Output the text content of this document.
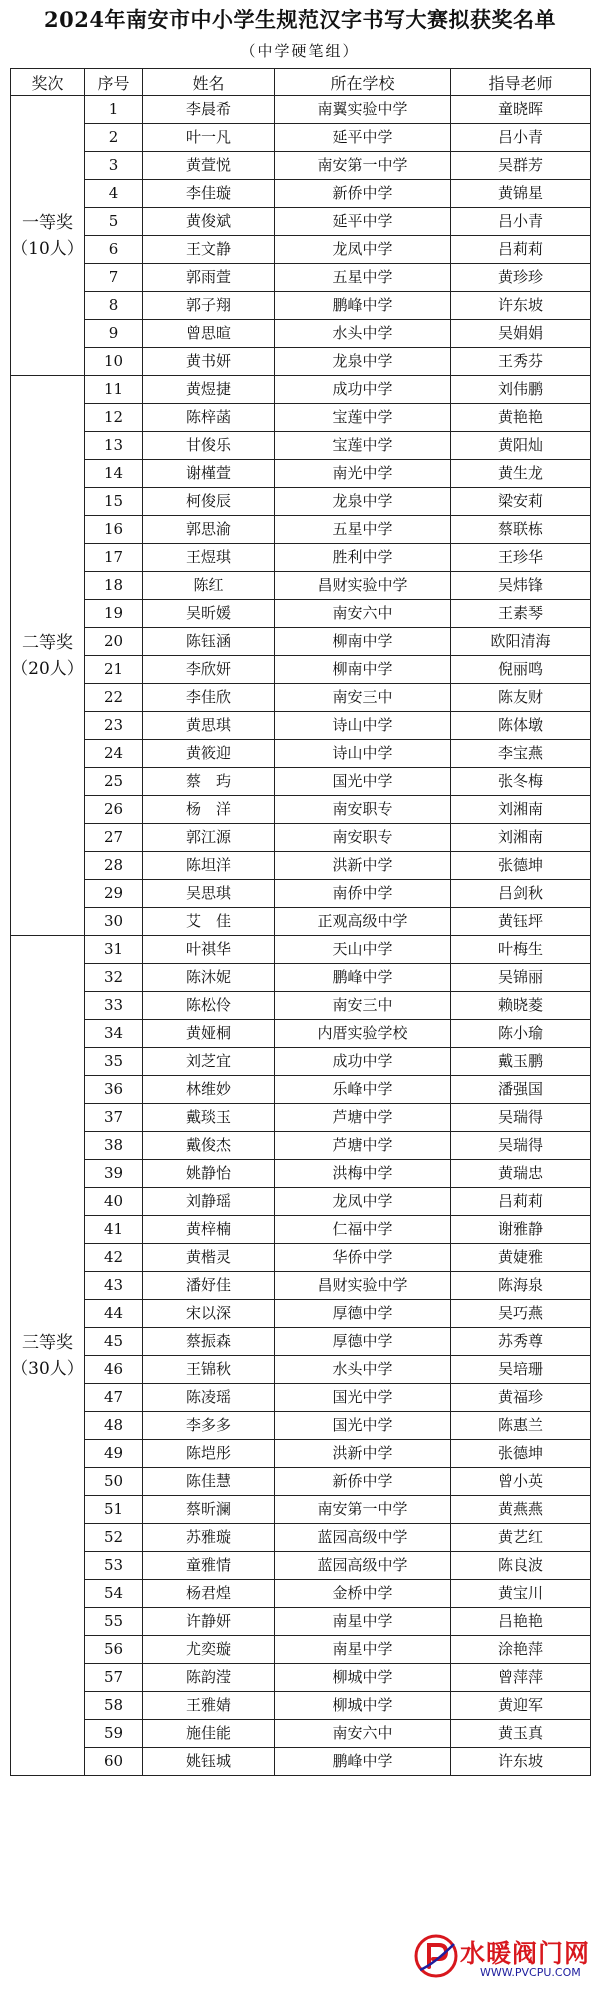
2024年南安市中小学生规范汉字书写大赛拟获奖名单
（中学硬笔组）
奖次	序号	姓名	所在学校	指导老师

一等奖
（10人）	1	李晨希	南翼实验中学	童晓晖
	2	叶一凡	延平中学	吕小青
	3	黄萱悦	南安第一中学	吴群芳
	4	李佳璇	新侨中学	黄锦星
	5	黄俊斌	延平中学	吕小青
	6	王文静	龙凤中学	吕莉莉
	7	郭雨萱	五星中学	黄珍珍
	8	郭子翔	鹏峰中学	许东坡
	9	曾思暄	水头中学	吴娟娟
	10	黄书妍	龙泉中学	王秀芬

二等奖
（20人）	11	黄煜捷	成功中学	刘伟鹏
	12	陈梓菡	宝莲中学	黄艳艳
	13	甘俊乐	宝莲中学	黄阳灿
	14	谢槿萱	南光中学	黄生龙
	15	柯俊辰	龙泉中学	梁安莉
	16	郭思渝	五星中学	蔡联栋
	17	王煜琪	胜利中学	王珍华
	18	陈红	昌财实验中学	吴炜锋
	19	吴昕媛	南安六中	王素琴
	20	陈钰涵	柳南中学	欧阳清海
	21	李欣妍	柳南中学	倪丽鸣
	22	李佳欣	南安三中	陈友财
	23	黄思琪	诗山中学	陈体墩
	24	黄筱迎	诗山中学	李宝燕
	25	蔡　玙	国光中学	张冬梅
	26	杨　洋	南安职专	刘湘南
	27	郭江源	南安职专	刘湘南
	28	陈坦洋	洪新中学	张德坤
	29	吴思琪	南侨中学	吕剑秋
	30	艾　佳	正观高级中学	黄钰坪

三等奖
（30人）	31	叶祺华	天山中学	叶梅生
	32	陈沐妮	鹏峰中学	吴锦丽
	33	陈松伶	南安三中	赖晓菱
	34	黄娅桐	内厝实验学校	陈小瑜
	35	刘芝宜	成功中学	戴玉鹏
	36	林维妙	乐峰中学	潘强国
	37	戴琰玉	芦塘中学	吴瑞得
	38	戴俊杰	芦塘中学	吴瑞得
	39	姚静怡	洪梅中学	黄瑞忠
	40	刘静瑶	龙凤中学	吕莉莉
	41	黄梓楠	仁福中学	谢雅静
	42	黄楷灵	华侨中学	黄婕雅
	43	潘妤佳	昌财实验中学	陈海泉
	44	宋以深	厚德中学	吴巧燕
	45	蔡振森	厚德中学	苏秀尊
	46	王锦秋	水头中学	吴培珊
	47	陈凌瑶	国光中学	黄福珍
	48	李多多	国光中学	陈惠兰
	49	陈垲彤	洪新中学	张德坤
	50	陈佳慧	新侨中学	曾小英
	51	蔡昕澜	南安第一中学	黄燕燕
	52	苏雅璇	蓝园高级中学	黄艺红
	53	童雅情	蓝园高级中学	陈良波
	54	杨君煌	金桥中学	黄宝川
	55	许静妍	南星中学	吕艳艳
	56	尤奕璇	南星中学	涂艳萍
	57	陈韵滢	柳城中学	曾萍萍
	58	王雅婧	柳城中学	黄迎军
	59	施佳能	南安六中	黄玉真
	60	姚钰城	鹏峰中学	许东坡
水暖阀门网
WWW.PVCPU.COM
